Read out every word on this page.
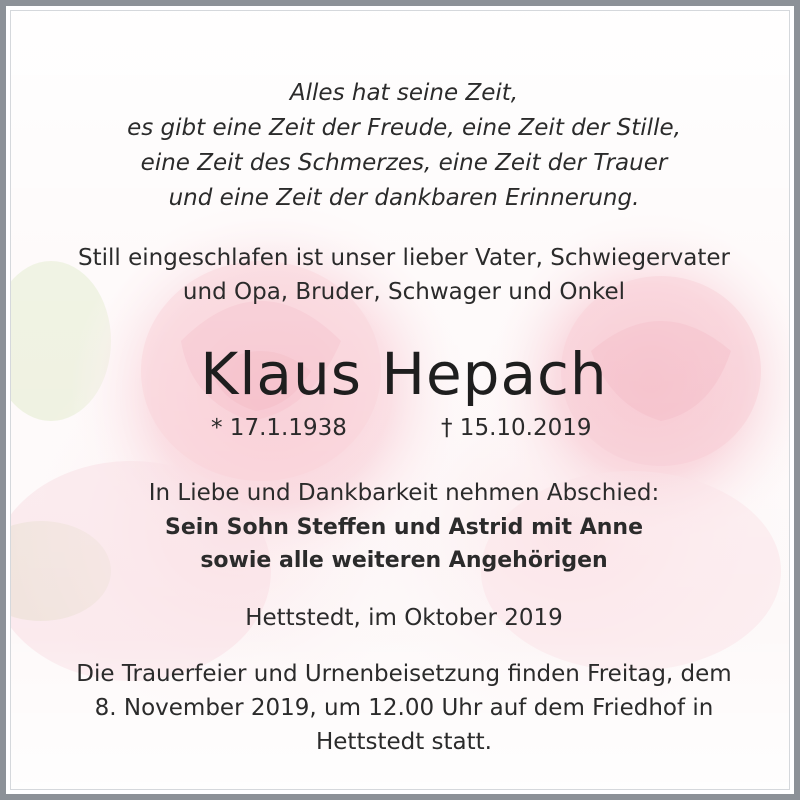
Alles hat seine Zeit,
es gibt eine Zeit der Freude, eine Zeit der Stille,
eine Zeit des Schmerzes, eine Zeit der Trauer
und eine Zeit der dankbaren Erinnerung.
Still eingeschlafen ist unser lieber Vater, Schwiegervater
und Opa, Bruder, Schwager und Onkel
Klaus Hepach
* 17.1.1938	† 15.10.2019
In Liebe und Dankbarkeit nehmen Abschied:
Sein Sohn Steffen und Astrid mit Anne
sowie alle weiteren Angehörigen
Hettstedt, im Oktober 2019
Die Trauerfeier und Urnenbeisetzung finden Freitag, dem
8. November 2019, um 12.00 Uhr auf dem Friedhof in
Hettstedt statt.
